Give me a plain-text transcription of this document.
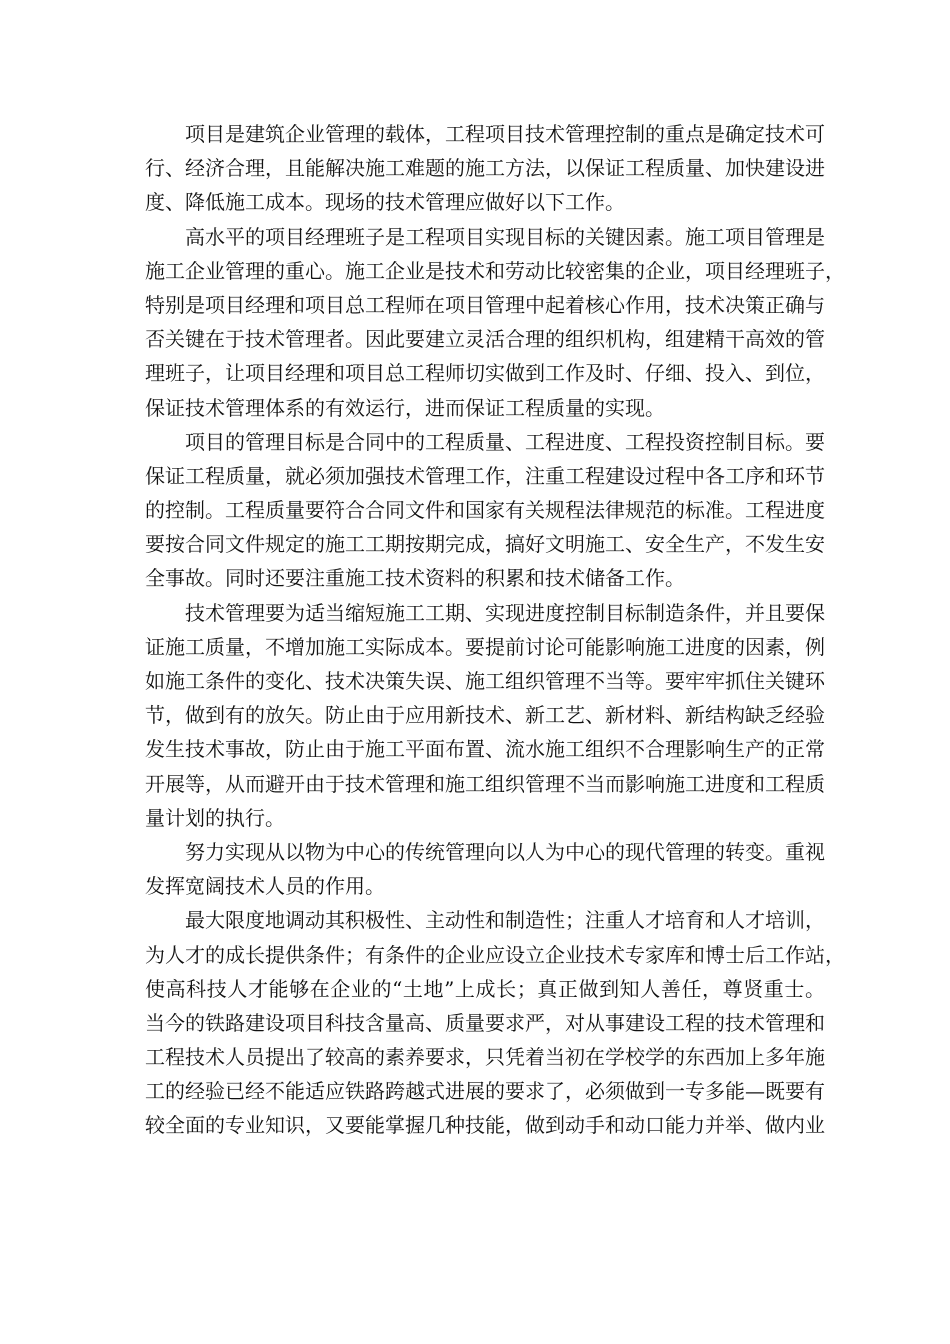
项目是建筑企业管理的载体，工程项目技术管理控制的重点是确定技术可
行、经济合理，且能解决施工难题的施工方法，以保证工程质量、加快建设进
度、降低施工成本。现场的技术管理应做好以下工作。
高水平的项目经理班子是工程项目实现目标的关键因素。施工项目管理是
施工企业管理的重心。施工企业是技术和劳动比较密集的企业，项目经理班子，
特别是项目经理和项目总工程师在项目管理中起着核心作用，技术决策正确与
否关键在于技术管理者。因此要建立灵活合理的组织机构，组建精干高效的管
理班子，让项目经理和项目总工程师切实做到工作及时、仔细、投入、到位，
保证技术管理体系的有效运行，进而保证工程质量的实现。
项目的管理目标是合同中的工程质量、工程进度、工程投资控制目标。要
保证工程质量，就必须加强技术管理工作，注重工程建设过程中各工序和环节
的控制。工程质量要符合合同文件和国家有关规程法律规范的标准。工程进度
要按合同文件规定的施工工期按期完成，搞好文明施工、安全生产，不发生安
全事故。同时还要注重施工技术资料的积累和技术储备工作。
技术管理要为适当缩短施工工期、实现进度控制目标制造条件，并且要保
证施工质量，不增加施工实际成本。要提前讨论可能影响施工进度的因素，例
如施工条件的变化、技术决策失误、施工组织管理不当等。要牢牢抓住关键环
节，做到有的放矢。防止由于应用新技术、新工艺、新材料、新结构缺乏经验
发生技术事故，防止由于施工平面布置、流水施工组织不合理影响生产的正常
开展等，从而避开由于技术管理和施工组织管理不当而影响施工进度和工程质
量计划的执行。
努力实现从以物为中心的传统管理向以人为中心的现代管理的转变。重视
发挥宽阔技术人员的作用。
最大限度地调动其积极性、主动性和制造性；注重人才培育和人才培训，
为人才的成长提供条件；有条件的企业应设立企业技术专家库和博士后工作站，
使高科技人才能够在企业的“土地”上成长；真正做到知人善任，尊贤重士。
当今的铁路建设项目科技含量高、质量要求严，对从事建设工程的技术管理和
工程技术人员提出了较高的素养要求，只凭着当初在学校学的东西加上多年施
工的经验已经不能适应铁路跨越式进展的要求了，必须做到一专多能—既要有
较全面的专业知识，又要能掌握几种技能，做到动手和动口能力并举、做内业
